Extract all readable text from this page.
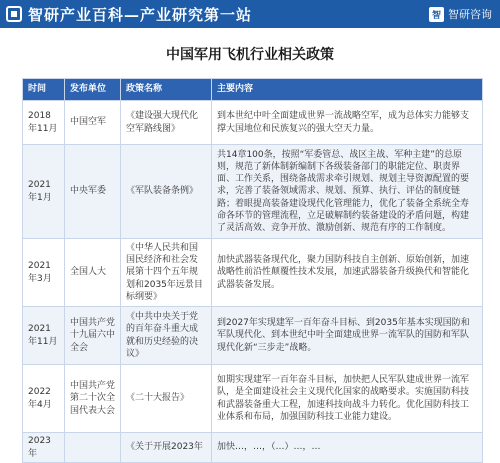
智研产业百科—产业研究第一站	智 智研咨询
中国军用飞机行业相关政策
时间	发布单位	政策名称	主要内容
2018年11月	中国空军	《建设强大现代化空军路线图》	到本世纪中叶全面建成世界一流战略空军，成为总体实力能够支撑大国地位和民族复兴的强大空天力量。
2021年1月	中央军委	《军队装备条例》	共14章100条，按照“军委管总、战区主战、军种主建”的总原则，规范了新体制新编制下各级装备部门的职能定位、职责界面、工作关系，围绕备战需求牵引规划、规划主导资源配置的要求，完善了装备领域需求、规划、预算、执行、评估的制度链路；着眼提高装备建设现代化管理能力，优化了装备全系统全寿命各环节的管理流程，立足破解制约装备建设的矛盾问题，构建了灵活高效、竞争开放、激励创新、规范有序的工作制度。
2021年3月	全国人大	《中华人民共和国国民经济和社会发展第十四个五年规划和2035年远景目标纲要》	加快武器装备现代化，聚力国防科技自主创新、原始创新，加速战略性前沿性颠覆性技术发展，加速武器装备升级换代和智能化武器装备发展。
2021年11月	中国共产党十九届六中全会	《中共中央关于党的百年奋斗重大成就和历史经验的决议》	到2027年实现建军一百年奋斗目标、到2035年基本实现国防和军队现代化、到本世纪中叶全面建成世界一流军队的国防和军队现代化新“三步走”战略。
2022年4月	中国共产党第二十次全国代表大会	《二十大报告》	如期实现建军一百年奋斗目标，加快把人民军队建成世界一流军队，是全面建设社会主义现代化国家的战略要求。实施国防科技和武器装备重大工程，加速科技向战斗力转化。优化国防科技工业体系和布局，加强国防科技工业能力建设。
2023年		《关于开展2023年	加快…，…，（…）…，…
